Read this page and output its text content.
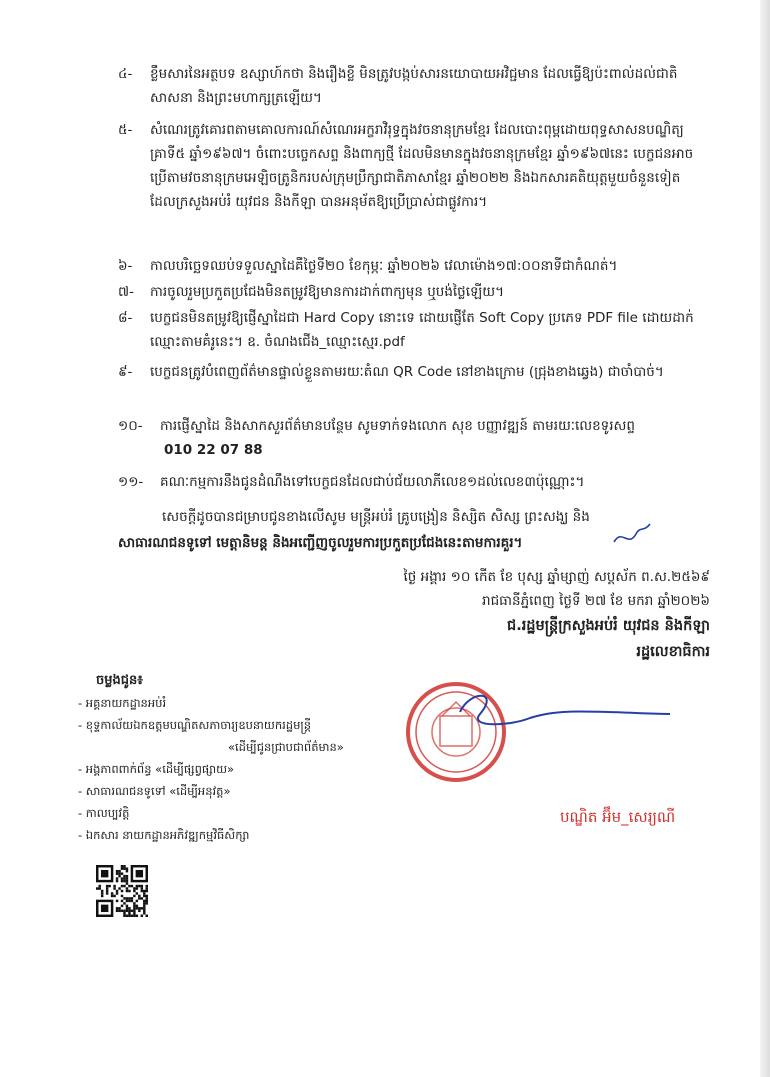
៤-	ខ្លឹមសារនៃអត្ថបទ ឧស្សាហ៍កថា និងរឿងខ្លី មិនត្រូវបង្កប់សារនយោបាយអវិជ្ជមាន ដែលធ្វើឱ្យប៉ះពាល់ដល់ជាតិ សាសនា និងព្រះមហាក្សត្រឡើយ។
៥-	សំណេរត្រូវគោរពតាមគោលការណ៍សំណេរអក្ខរាវិរុទ្ធក្នុងវចនានុក្រមខ្មែរ ដែលបោះពុម្ពដោយពុទ្ធសាសនបណ្ឌិត្យ គ្រាទី៥ ឆ្នាំ១៩៦៧។ ចំពោះបច្ចេកសព្ទ និងពាក្យថ្មី ដែលមិនមានក្នុងវចនានុក្រមខ្មែរ ឆ្នាំ១៩៦៧នេះ បេក្ខជនអាចប្រើតាមវចនានុក្រមអេឡិចត្រូនិករបស់ក្រុមប្រឹក្សាជាតិភាសាខ្មែរ ឆ្នាំ២០២២ និងឯកសារគតិយុត្តមួយចំនួនទៀត ដែលក្រសួងអប់រំ យុវជន និងកីឡា បានអនុម័តឱ្យប្រើប្រាស់ជាផ្លូវការ។
៦-	កាលបរិច្ឆេទឈប់ទទួលស្នាដៃគឺថ្ងៃទី២០ ខែកុម្ភៈ ឆ្នាំ២០២៦ វេលាម៉ោង១៧:០០នាទីជាកំណត់។
៧-	ការចូលរួមប្រកួតប្រជែងមិនតម្រូវឱ្យមានការដាក់ពាក្យមុន ឬបង់ថ្លៃឡើយ។
៨-	បេក្ខជនមិនតម្រូវឱ្យផ្ញើស្នាដៃជា Hard Copy នោះទេ ដោយផ្ញើតែ Soft Copy ប្រភេទ PDF file ដោយដាក់ឈ្មោះតាមគំរូនេះ។ ឧ. ចំណងជើង_ឈ្មោះស្មេរ.pdf
៩-	បេក្ខជនត្រូវបំពេញព័ត៌មានផ្ទាល់ខ្លួនតាមរយៈតំណ QR Code នៅខាងក្រោម (ជ្រុងខាងឆ្វេង) ជាចាំបាច់។
១០-	ការផ្ញើស្នាដៃ និងសាកសួរព័ត៌មានបន្ថែម សូមទាក់ទងលោក សុខ បញ្ញាវឌ្ឍន៍ តាមរយៈលេខទូរសព្ទ
010 22 07 88
១១-	គណៈកម្មការនឹងជូនដំណឹងទៅបេក្ខជនដែលជាប់ជ័យលាភីលេខ១ដល់លេខ៣ប៉ុណ្ណោះ។
សេចក្តីដូចបានជម្រាបជូនខាងលើសូម មន្ត្រីអប់រំ គ្រូបង្រៀន និស្សិត សិស្ស ព្រះសង្ឃ និង
សាធារណជនទូទៅ មេត្តានិមន្ត និងអញ្ជើញចូលរួមការប្រកួតប្រជែងនេះតាមការគួរ។
ថ្ងៃ អង្គារ ១០ កើត ខែ បុស្ស ឆ្នាំម្សាញ់ សប្តស័ក ព.ស.២៥៦៩
រាជធានីភ្នំពេញ ថ្ងៃទី ២៧ ខែ មករា ឆ្នាំ២០២៦
ជ.រដ្ឋមន្ត្រីក្រសួងអប់រំ យុវជន និងកីឡា
រដ្ឋលេខាធិការ
បណ្ឌិត អ៊ឹម_សេរ្យណី
ចម្លងជូន៖
- អគ្គនាយកដ្ឋានអប់រំ
- ខុទ្ទកាល័យឯកឧត្តមបណ្ឌិតសភាចារ្យឧបនាយករដ្ឋមន្ត្រី
«ដើម្បីជូនជ្រាបជាព័ត៌មាន»
- អង្គភាពពាក់ព័ន្ធ «ដើម្បីផ្សព្វផ្សាយ»
- សាធារណជនទូទៅ «ដើម្បីអនុវត្ត»
- កាលប្បវត្តិ
- ឯកសារ នាយកដ្ឋានអភិវឌ្ឍកម្មវិធីសិក្សា
